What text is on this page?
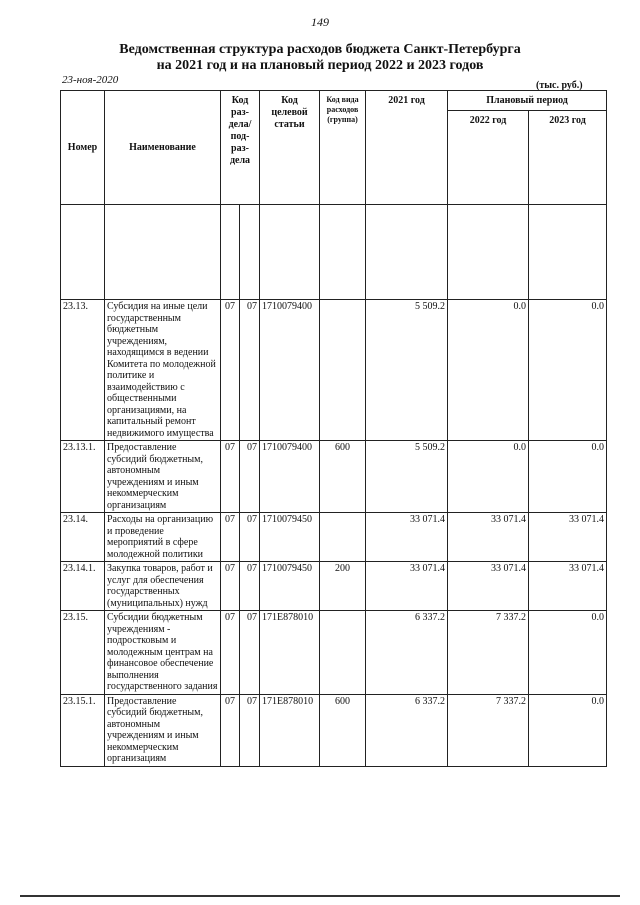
149
Ведомственная структура расходов бюджета Санкт-Петербурга
на 2021 год и на плановый период 2022 и 2023 годов
23-ноя-2020	(тыс. руб.)
Номер	Наименование	Код раз-дела/ под-раз-дела		Код целевой статьи	Код вида расходов (группа)	2021 год	Плановый период	
							2022 год	2023 год

23.13.	Субсидия на иные цели государственным бюджетным учреждениям, находящимся в ведении Комитета по молодежной политике и взаимодействию с общественными организациями, на капитальный ремонт недвижимого имущества	07	07	1710079400		5 509.2	0.0	0.0
23.13.1.	Предоставление субсидий бюджетным, автономным учреждениям и иным некоммерческим организациям	07	07	1710079400	600	5 509.2	0.0	0.0
23.14.	Расходы на организацию и проведение мероприятий в сфере молодежной политики	07	07	1710079450		33 071.4	33 071.4	33 071.4
23.14.1.	Закупка товаров, работ и услуг для обеспечения государственных (муниципальных) нужд	07	07	1710079450	200	33 071.4	33 071.4	33 071.4
23.15.	Субсидии бюджетным учреждениям - подростковым и молодежным центрам на финансовое обеспечение выполнения государственного задания	07	07	171E878010		6 337.2	7 337.2	0.0
23.15.1.	Предоставление субсидий бюджетным, автономным учреждениям и иным некоммерческим организациям	07	07	171E878010	600	6 337.2	7 337.2	0.0
